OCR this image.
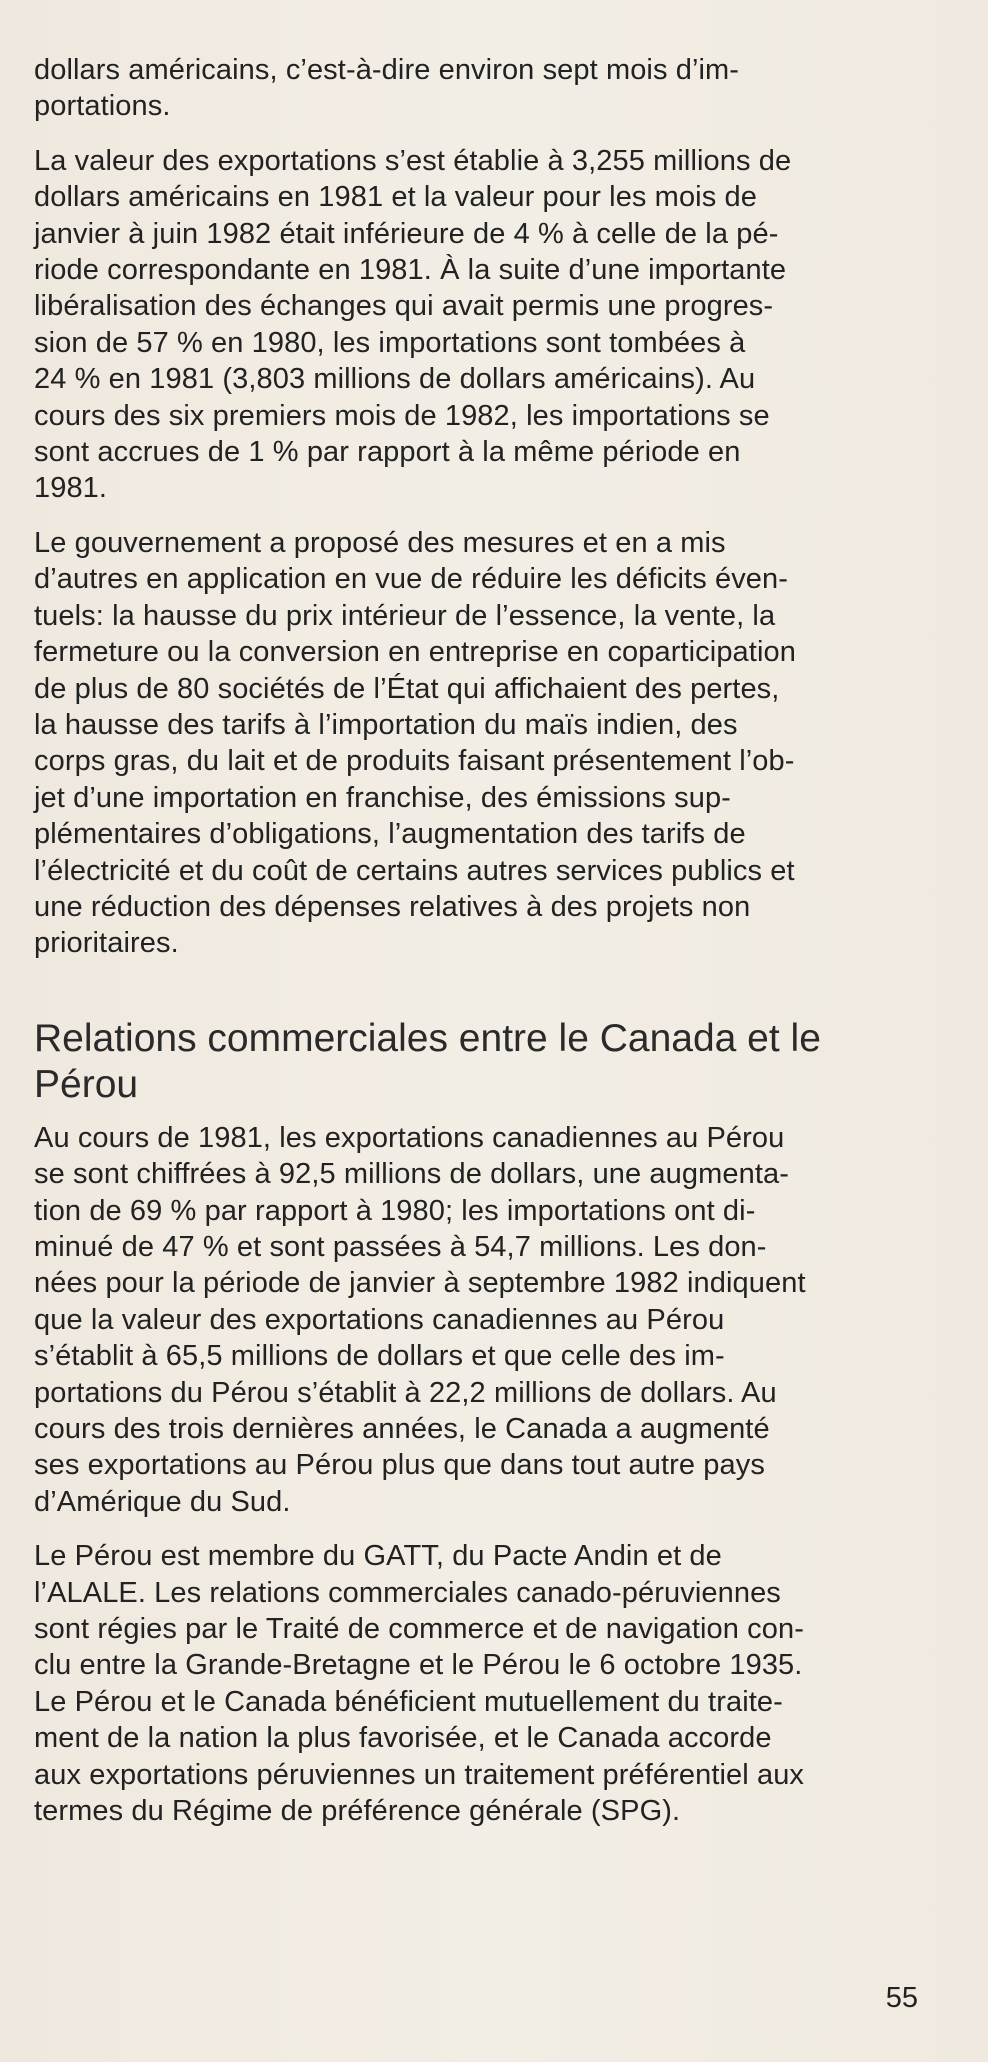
dollars américains, c’est-à-dire environ sept mois d’im-
portations.

La valeur des exportations s’est établie à 3,255 millions de
dollars américains en 1981 et la valeur pour les mois de
janvier à juin 1982 était inférieure de 4 % à celle de la pé-
riode correspondante en 1981. À la suite d’une importante
libéralisation des échanges qui avait permis une progres-
sion de 57 % en 1980, les importations sont tombées à
24 % en 1981 (3,803 millions de dollars américains). Au
cours des six premiers mois de 1982, les importations se
sont accrues de 1 % par rapport à la même période en
1981.

Le gouvernement a proposé des mesures et en a mis
d’autres en application en vue de réduire les déficits éven-
tuels: la hausse du prix intérieur de l’essence, la vente, la
fermeture ou la conversion en entreprise en coparticipation
de plus de 80 sociétés de l’État qui affichaient des pertes,
la hausse des tarifs à l’importation du maïs indien, des
corps gras, du lait et de produits faisant présentement l’ob-
jet d’une importation en franchise, des émissions sup-
plémentaires d’obligations, l’augmentation des tarifs de
l’électricité et du coût de certains autres services publics et
une réduction des dépenses relatives à des projets non
prioritaires.

Relations commerciales entre le Canada et le
Pérou

Au cours de 1981, les exportations canadiennes au Pérou
se sont chiffrées à 92,5 millions de dollars, une augmenta-
tion de 69 % par rapport à 1980; les importations ont di-
minué de 47 % et sont passées à 54,7 millions. Les don-
nées pour la période de janvier à septembre 1982 indiquent
que la valeur des exportations canadiennes au Pérou
s’établit à 65,5 millions de dollars et que celle des im-
portations du Pérou s’établit à 22,2 millions de dollars. Au
cours des trois dernières années, le Canada a augmenté
ses exportations au Pérou plus que dans tout autre pays
d’Amérique du Sud.

Le Pérou est membre du GATT, du Pacte Andin et de
l’ALALE. Les relations commerciales canado-péruviennes
sont régies par le Traité de commerce et de navigation con-
clu entre la Grande-Bretagne et le Pérou le 6 octobre 1935.
Le Pérou et le Canada bénéficient mutuellement du traite-
ment de la nation la plus favorisée, et le Canada accorde
aux exportations péruviennes un traitement préférentiel aux
termes du Régime de préférence générale (SPG).

55
